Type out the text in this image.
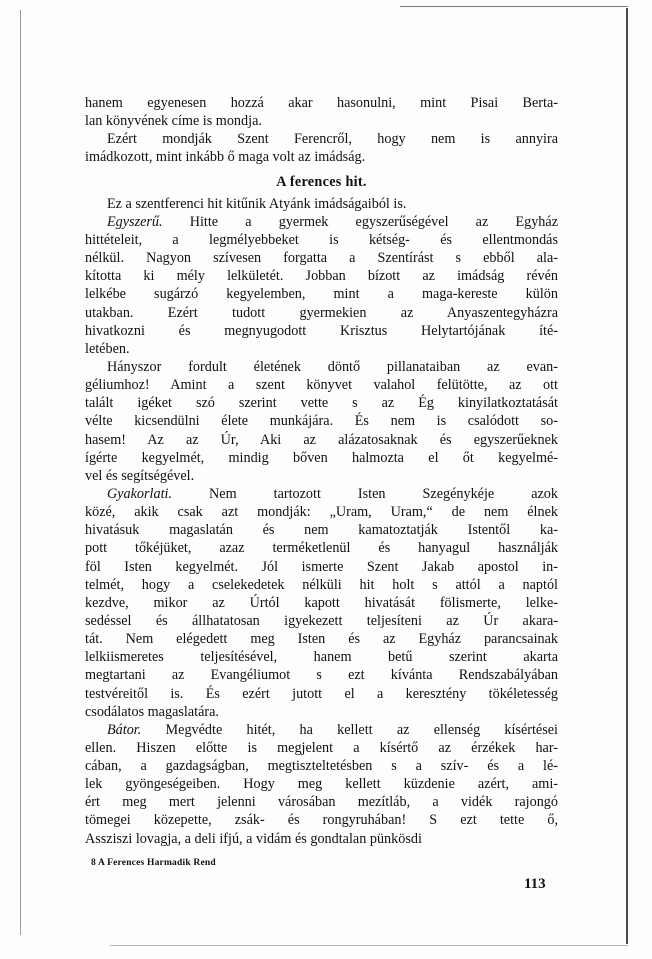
hanem egyenesen hozzá akar hasonulni, mint Pisai Berta-
lan könyvének címe is mondja.
Ezért mondják Szent Ferencről, hogy nem is annyira
imádkozott, mint inkább ő maga volt az imádság.
A ferences hit.
Ez a szentferenci hit kitűnik Atyánk imádságaiból is.
Egyszerű. Hitte a gyermek egyszerűségével az Egyház
hittételeit, a legmélyebbeket is kétség- és ellentmondás
nélkül. Nagyon szívesen forgatta a Szentírást s ebből ala-
kította ki mély lelkületét. Jobban bízott az imádság révén
lelkébe sugárzó kegyelemben, mint a maga-kereste külön
utakban. Ezért tudott gyermekien az Anyaszentegyházra
hivatkozni és megnyugodott Krisztus Helytartójának íté-
letében.
Hányszor fordult életének döntő pillanataiban az evan-
géliumhoz! Amint a szent könyvet valahol felütötte, az ott
talált igéket szó szerint vette s az Ég kinyilatkoztatását
vélte kicsendülni élete munkájára. És nem is csalódott so-
hasem! Az az Úr, Aki az alázatosaknak és egyszerűeknek
ígérte kegyelmét, mindig bőven halmozta el őt kegyelmé-
vel és segítségével.
Gyakorlati. Nem tartozott Isten Szegénykéje azok
közé, akik csak azt mondják: „Uram, Uram,“ de nem élnek
hivatásuk magaslatán és nem kamatoztatják Istentől ka-
pott tőkéjüket, azaz terméketlenül és hanyagul használják
föl Isten kegyelmét. Jól ismerte Szent Jakab apostol in-
telmét, hogy a cselekedetek nélküli hit holt s attól a naptól
kezdve, mikor az Úrtól kapott hivatását fölismerte, lelke-
sedéssel és állhatatosan igyekezett teljesíteni az Úr akara-
tát. Nem elégedett meg Isten és az Egyház parancsainak
lelkiismeretes teljesítésével, hanem betű szerint akarta
megtartani az Evangéliumot s ezt kívánta Rendszabályában
testvéreitől is. És ezért jutott el a keresztény tökéletesség
csodálatos magaslatára.
Bátor. Megvédte hitét, ha kellett az ellenség kísértései
ellen. Hiszen előtte is megjelent a kísértő az érzékek har-
cában, a gazdagságban, megtiszteltetésben s a szív- és a lé-
lek gyöngeségeiben. Hogy meg kellett küzdenie azért, ami-
ért meg mert jelenni városában mezítláb, a vidék rajongó
tömegei közepette, zsák- és rongyruhában! S ezt tette ő,
Assziszi lovagja, a deli ifjú, a vidám és gondtalan pünkösdi
8 A Ferences Harmadik Rend
113
